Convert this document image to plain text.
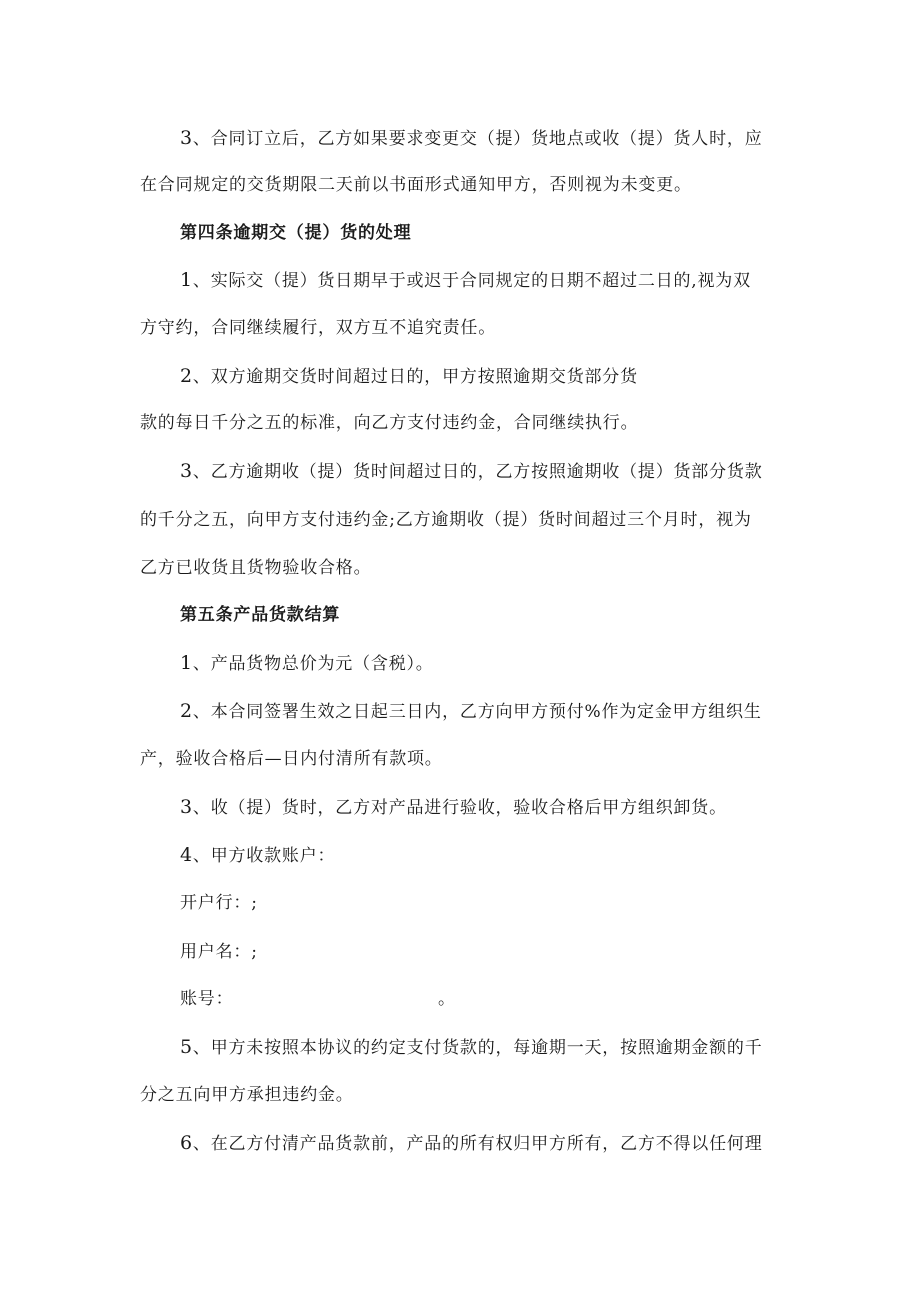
3、合同订立后，乙方如果要求变更交（提）货地点或收（提）货人时，应
在合同规定的交货期限二天前以书面形式通知甲方，否则视为未变更。
第四条逾期交（提）货的处理
1、实际交（提）货日期早于或迟于合同规定的日期不超过二日的,视为双
方守约，合同继续履行，双方互不追究责任。
2、双方逾期交货时间超过日的，甲方按照逾期交货部分货
款的每日千分之五的标准，向乙方支付违约金，合同继续执行。
3、乙方逾期收（提）货时间超过日的，乙方按照逾期收（提）货部分货款
的千分之五，向甲方支付违约金;乙方逾期收（提）货时间超过三个月时，视为
乙方已收货且货物验收合格。
第五条产品货款结算
1、产品货物总价为元（含税）。
2、本合同签署生效之日起三日内，乙方向甲方预付%作为定金甲方组织生
产，验收合格后—日内付清所有款项。
3、收（提）货时，乙方对产品进行验收，验收合格后甲方组织卸货。
4、甲方收款账户：
开户行：;
用户名：;
账号：	。
5、甲方未按照本协议的约定支付货款的，每逾期一天，按照逾期金额的千
分之五向甲方承担违约金。
6、在乙方付清产品货款前，产品的所有权归甲方所有，乙方不得以任何理
